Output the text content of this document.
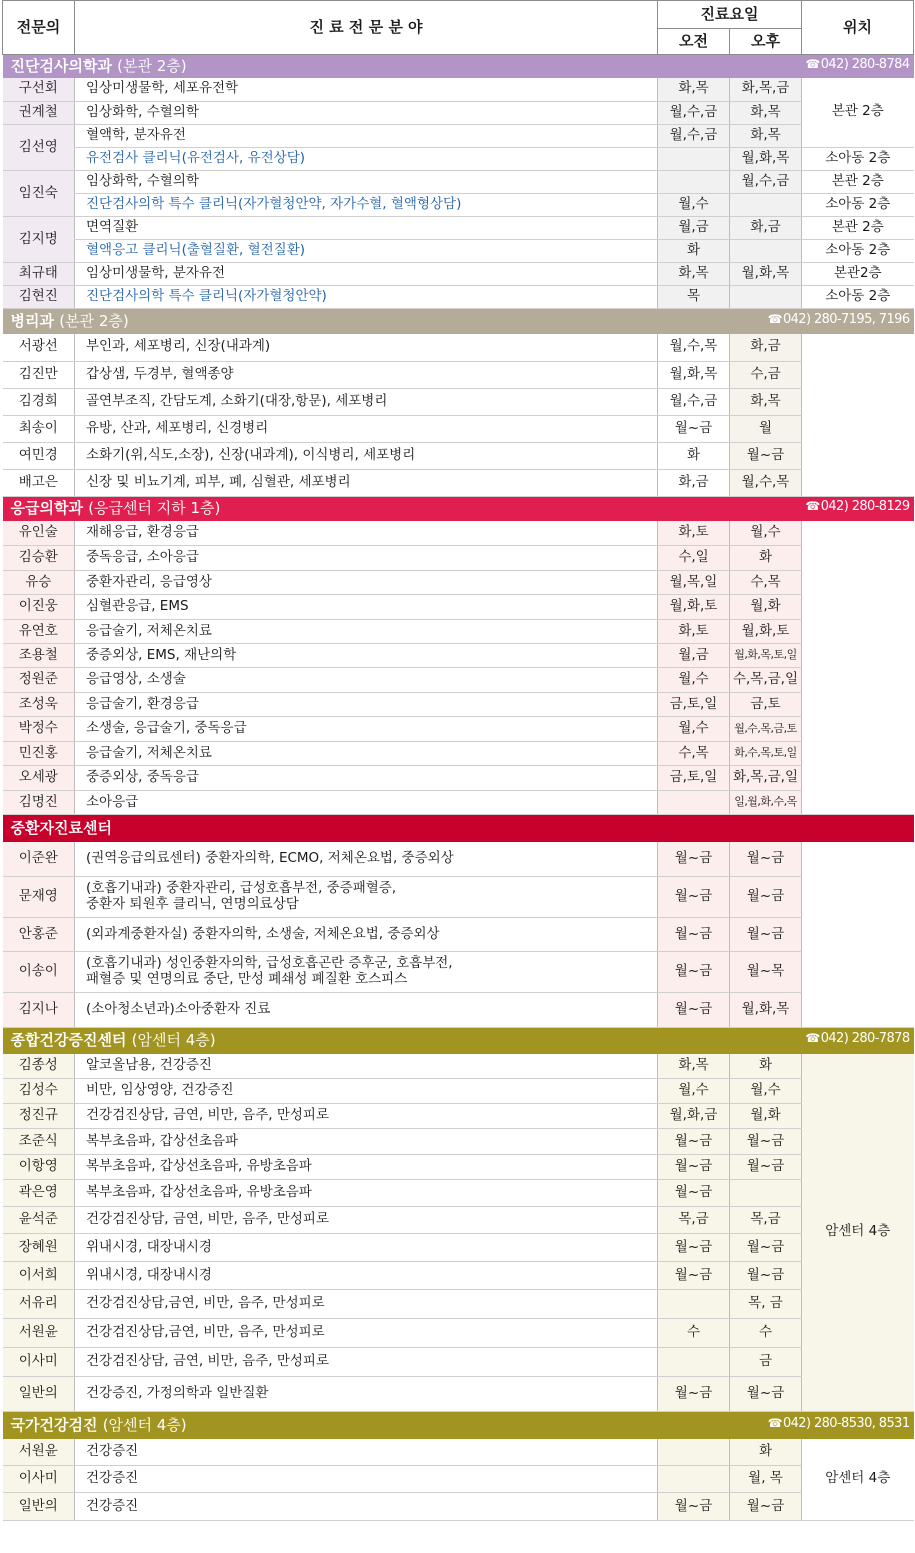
전문의	진 료 전 문 분 야	진료요일		위치
		오전	오후	
진단검사의학과 (본관 2층) ☎042) 280-8784				

구선회	임상미생물학, 세포유전학	화,목	화,목,금	본관 2층
권계철	임상화학, 수혈의학	월,수,금	화,목	
김선영	혈액학, 분자유전	월,수,금	화,목	
	유전검사 클리닉(유전검사, 유전상담)		월,화,목	소아동 2층
임진숙	임상화학, 수혈의학		월,수,금	본관 2층
	진단검사의학 특수 클리닉(자가혈청안약, 자가수혈, 혈액형상담)	월,수		소아동 2층
김지명	면역질환	월,금	화,금	본관 2층
	혈액응고 클리닉(출혈질환, 혈전질환)	화		소아동 2층
최규태	임상미생물학, 분자유전	화,목	월,화,목	본관2층
김현진	진단검사의학 특수 클리닉(자가혈청안약)	목		소아동 2층
병리과 (본관 2층) ☎042) 280-7195, 7196				

서광선	부인과, 세포병리, 신장(내과계)	월,수,목	화,금	
김진만	갑상샘, 두경부, 혈액종양	월,화,목	수,금	
김경희	골연부조직, 간담도계, 소화기(대장,항문), 세포병리	월,수,금	화,목	
최송이	유방, 산과, 세포병리, 신경병리	월~금	월	
여민경	소화기(위,식도,소장), 신장(내과계), 이식병리, 세포병리	화	월~금	
배고은	신장 및 비뇨기계, 피부, 폐, 심혈관, 세포병리	화,금	월,수,목	
응급의학과 (응급센터 지하 1층) ☎042) 280-8129				

유인술	재해응급, 환경응급	화,토	월,수	
김승환	중독응급, 소아응급	수,일	화	
유승	중환자관리, 응급영상	월,목,일	수,목	
이진웅	심혈관응급, EMS	월,화,토	월,화	
유연호	응급술기, 저체온치료	화,토	월,화,토	
조용철	중증외상, EMS, 재난의학	월,금	월,화,목,토,일	
정원준	응급영상, 소생술	월,수	수,목,금,일	
조성욱	응급술기, 환경응급	금,토,일	금,토	
박정수	소생술, 응급술기, 중독응급	월,수	월,수,목,금,토	
민진홍	응급술기, 저체온치료	수,목	화,수,목,토,일	
오세광	중증외상, 중독응급	금,토,일	화,목,금,일	
김명진	소아응급		일,월,화,수,목	
중환자진료센터				
이준완	(권역응급의료센터) 중환자의학, ECMO, 저체온요법, 중증외상	월~금	월~금	
문재영	(호흡기내과) 중환자관리, 급성호흡부전, 중증패혈증,
중환자 퇴원후 클리닉, 연명의료상담	월~금	월~금	
안홍준	(외과계중환자실) 중환자의학, 소생술, 저체온요법, 중증외상	월~금	월~금	
이송이	(호흡기내과) 성인중환자의학, 급성호흡곤란 증후군, 호흡부전,
패혈증 및 연명의료 중단, 만성 폐쇄성 폐질환 호스피스	월~금	월~목	
김지나	(소아청소년과)소아중환자 진료	월~금	월,화,목	
종합건강증진센터 (암센터 4층) ☎042) 280-7878				

김종성	알코올남용, 건강증진	화,목	화	암센터 4층
김성수	비만, 임상영양, 건강증진	월,수	월,수	
정진규	건강검진상담, 금연, 비만, 음주, 만성피로	월,화,금	월,화	
조준식	복부초음파, 갑상선초음파	월~금	월~금	
이항영	복부초음파, 갑상선초음파, 유방초음파	월~금	월~금	
곽은영	복부초음파, 갑상선초음파, 유방초음파	월~금		
윤석준	건강검진상담, 금연, 비만, 음주, 만성피로	목,금	목,금	
장혜원	위내시경, 대장내시경	월~금	월~금	
이서희	위내시경, 대장내시경	월~금	월~금	
서유리	건강검진상담,금연, 비만, 음주, 만성피로		목, 금	
서원윤	건강검진상담,금연, 비만, 음주, 만성피로	수	수	
이사미	건강검진상담, 금연, 비만, 음주, 만성피로		금	
일반의	건강증진, 가정의학과 일반질환	월~금	월~금	
국가건강검진 (암센터 4층) ☎042) 280-8530, 8531				

서원윤	건강증진		화	암센터 4층
이사미	건강증진		월, 목	
일반의	건강증진	월~금	월~금	
